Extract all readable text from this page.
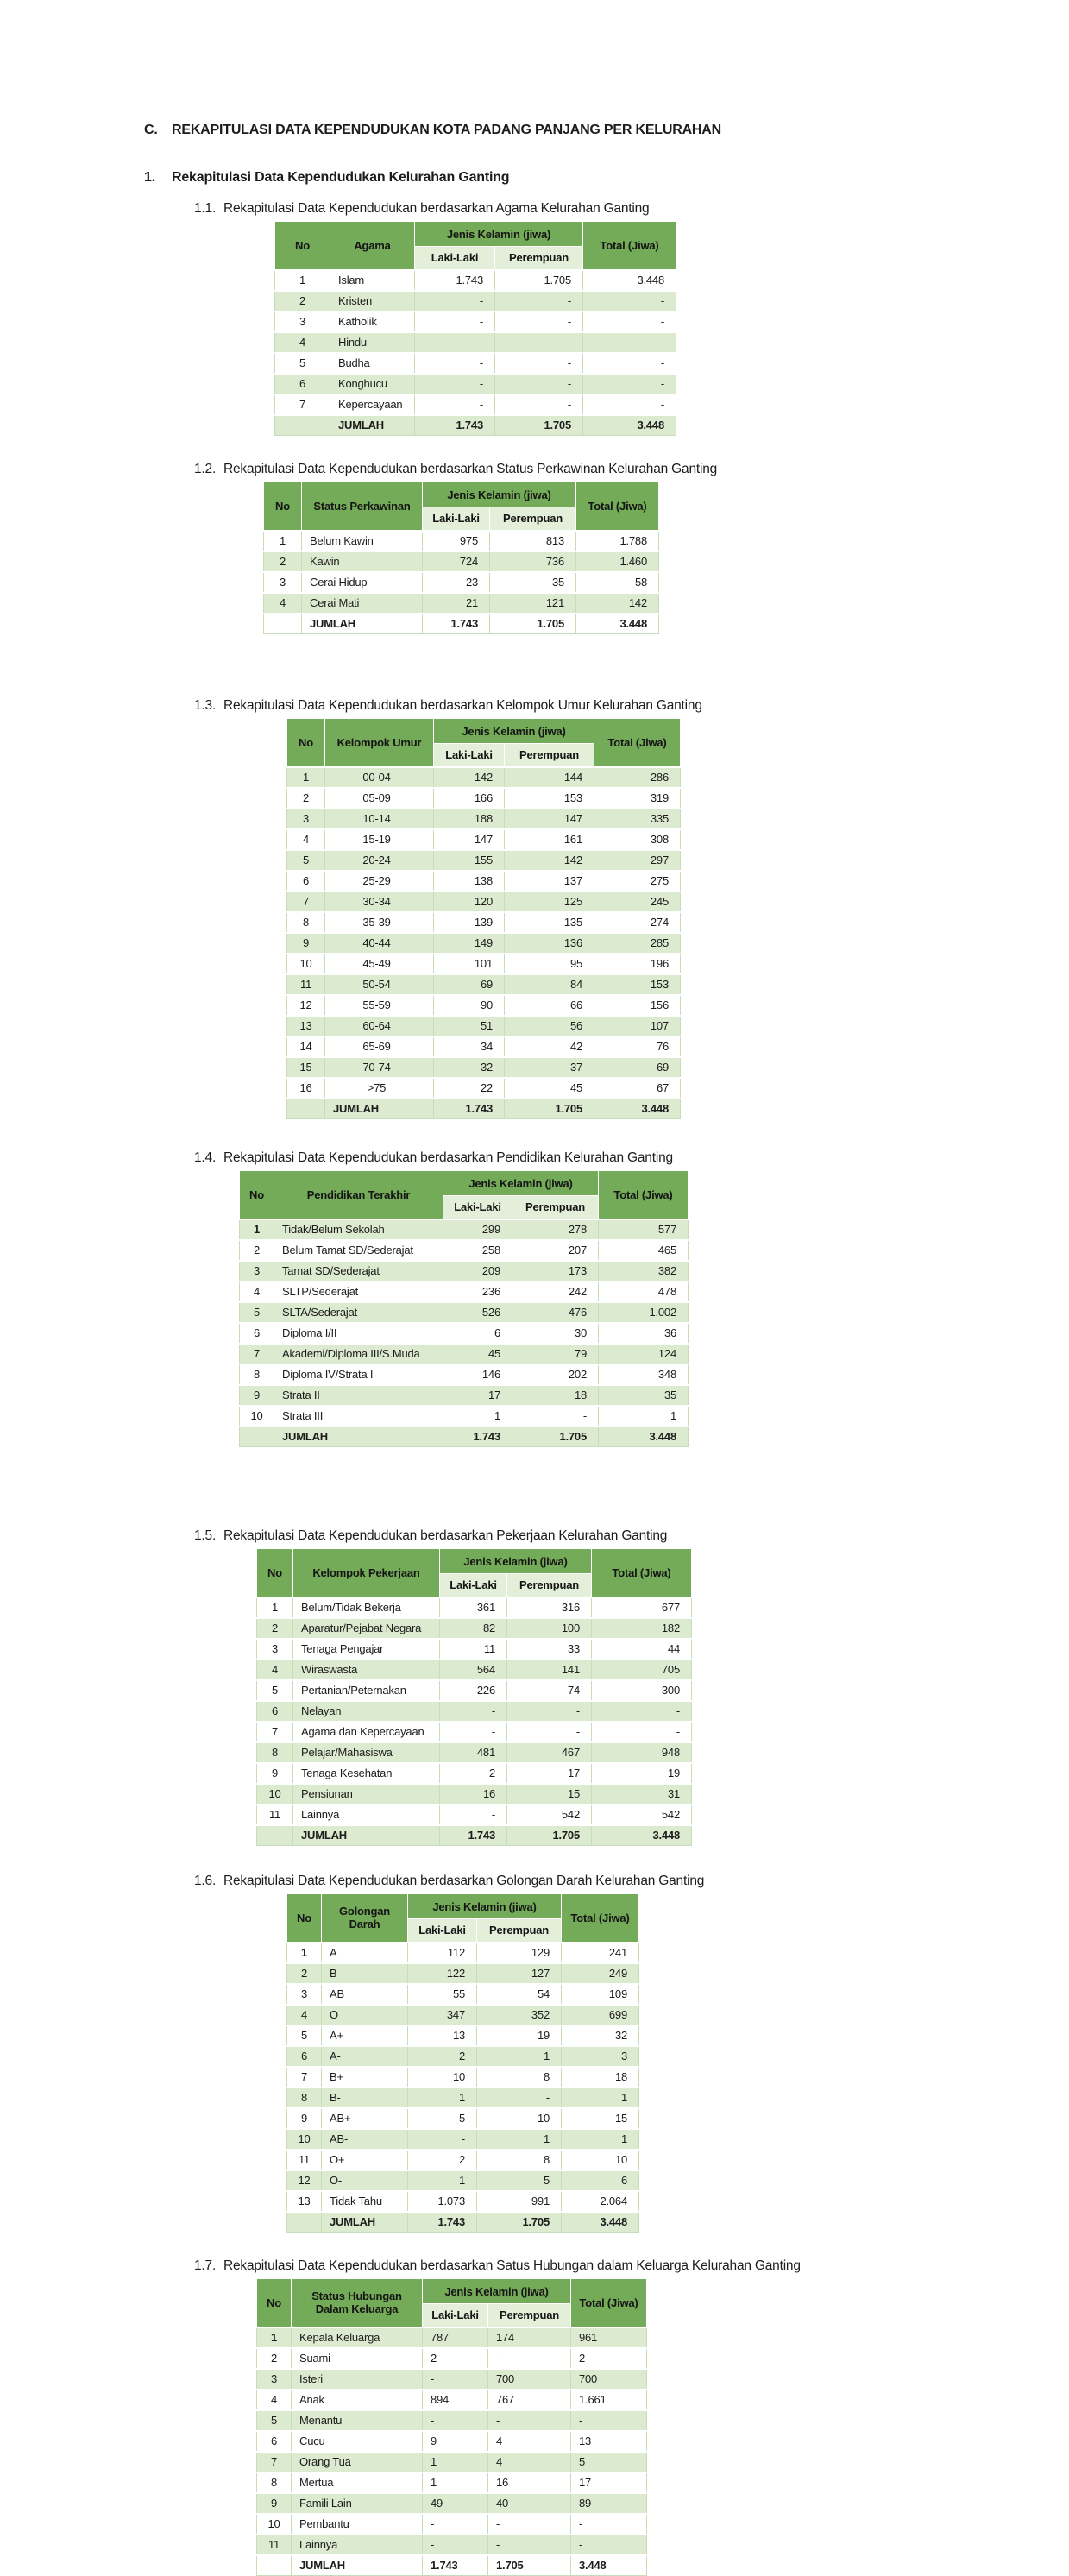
C.	REKAPITULASI DATA KEPENDUDUKAN KOTA PADANG PANJANG PER KELURAHAN
1.	Rekapitulasi Data Kependudukan Kelurahan Ganting
1.1. Rekapitulasi Data Kependudukan berdasarkan Agama Kelurahan Ganting
No	Agama	Jenis Kelamin (jiwa)		Total (Jiwa)
		Laki-Laki	Perempuan	
1	Islam	1.743	1.705	3.448
2	Kristen	-	-	-
3	Katholik	-	-	-
4	Hindu	-	-	-
5	Budha	-	-	-
6	Konghucu	-	-	-
7	Kepercayaan	-	-	-
	JUMLAH	1.743	1.705	3.448
1.2. Rekapitulasi Data Kependudukan berdasarkan Status Perkawinan Kelurahan Ganting
No	Status Perkawinan	Jenis Kelamin (jiwa)		Total (Jiwa)
		Laki-Laki	Perempuan	
1	Belum Kawin	975	813	1.788
2	Kawin	724	736	1.460
3	Cerai Hidup	23	35	58
4	Cerai Mati	21	121	142
	JUMLAH	1.743	1.705	3.448
1.3. Rekapitulasi Data Kependudukan berdasarkan Kelompok Umur Kelurahan Ganting
No	Kelompok Umur	Jenis Kelamin (jiwa)		Total (Jiwa)
		Laki-Laki	Perempuan	
1	00-04	142	144	286
2	05-09	166	153	319
3	10-14	188	147	335
4	15-19	147	161	308
5	20-24	155	142	297
6	25-29	138	137	275
7	30-34	120	125	245
8	35-39	139	135	274
9	40-44	149	136	285
10	45-49	101	95	196
11	50-54	69	84	153
12	55-59	90	66	156
13	60-64	51	56	107
14	65-69	34	42	76
15	70-74	32	37	69
16	>75	22	45	67
	JUMLAH	1.743	1.705	3.448
1.4. Rekapitulasi Data Kependudukan berdasarkan Pendidikan Kelurahan Ganting
No	Pendidikan Terakhir	Jenis Kelamin (jiwa)		Total (Jiwa)
		Laki-Laki	Perempuan	
1	Tidak/Belum Sekolah	299	278	577
2	Belum Tamat SD/Sederajat	258	207	465
3	Tamat SD/Sederajat	209	173	382
4	SLTP/Sederajat	236	242	478
5	SLTA/Sederajat	526	476	1.002
6	Diploma I/II	6	30	36
7	Akademi/Diploma III/S.Muda	45	79	124
8	Diploma IV/Strata I	146	202	348
9	Strata II	17	18	35
10	Strata III	1	-	1
	JUMLAH	1.743	1.705	3.448
1.5. Rekapitulasi Data Kependudukan berdasarkan Pekerjaan Kelurahan Ganting
No	Kelompok Pekerjaan	Jenis Kelamin (jiwa)		Total (Jiwa)
		Laki-Laki	Perempuan	
1	Belum/Tidak Bekerja	361	316	677
2	Aparatur/Pejabat Negara	82	100	182
3	Tenaga Pengajar	11	33	44
4	Wiraswasta	564	141	705
5	Pertanian/Peternakan	226	74	300
6	Nelayan	-	-	-
7	Agama dan Kepercayaan	-	-	-
8	Pelajar/Mahasiswa	481	467	948
9	Tenaga Kesehatan	2	17	19
10	Pensiunan	16	15	31
11	Lainnya	-	542	542
	JUMLAH	1.743	1.705	3.448
1.6. Rekapitulasi Data Kependudukan berdasarkan Golongan Darah Kelurahan Ganting
No	Golongan Darah	Jenis Kelamin (jiwa)		Total (Jiwa)
		Laki-Laki	Perempuan	
1	A	112	129	241
2	B	122	127	249
3	AB	55	54	109
4	O	347	352	699
5	A+	13	19	32
6	A-	2	1	3
7	B+	10	8	18
8	B-	1	-	1
9	AB+	5	10	15
10	AB-	-	1	1
11	O+	2	8	10
12	O-	1	5	6
13	Tidak Tahu	1.073	991	2.064
	JUMLAH	1.743	1.705	3.448
1.7. Rekapitulasi Data Kependudukan berdasarkan Satus Hubungan dalam Keluarga Kelurahan Ganting
No	Status Hubungan Dalam Keluarga	Jenis Kelamin (jiwa)		Total (Jiwa)
		Laki-Laki	Perempuan	
1	Kepala Keluarga	787	174	961
2	Suami	2	-	2
3	Isteri	-	700	700
4	Anak	894	767	1.661
5	Menantu	-	-	-
6	Cucu	9	4	13
7	Orang Tua	1	4	5
8	Mertua	1	16	17
9	Famili Lain	49	40	89
10	Pembantu	-	-	-
11	Lainnya	-	-	-
	JUMLAH	1.743	1.705	3.448
